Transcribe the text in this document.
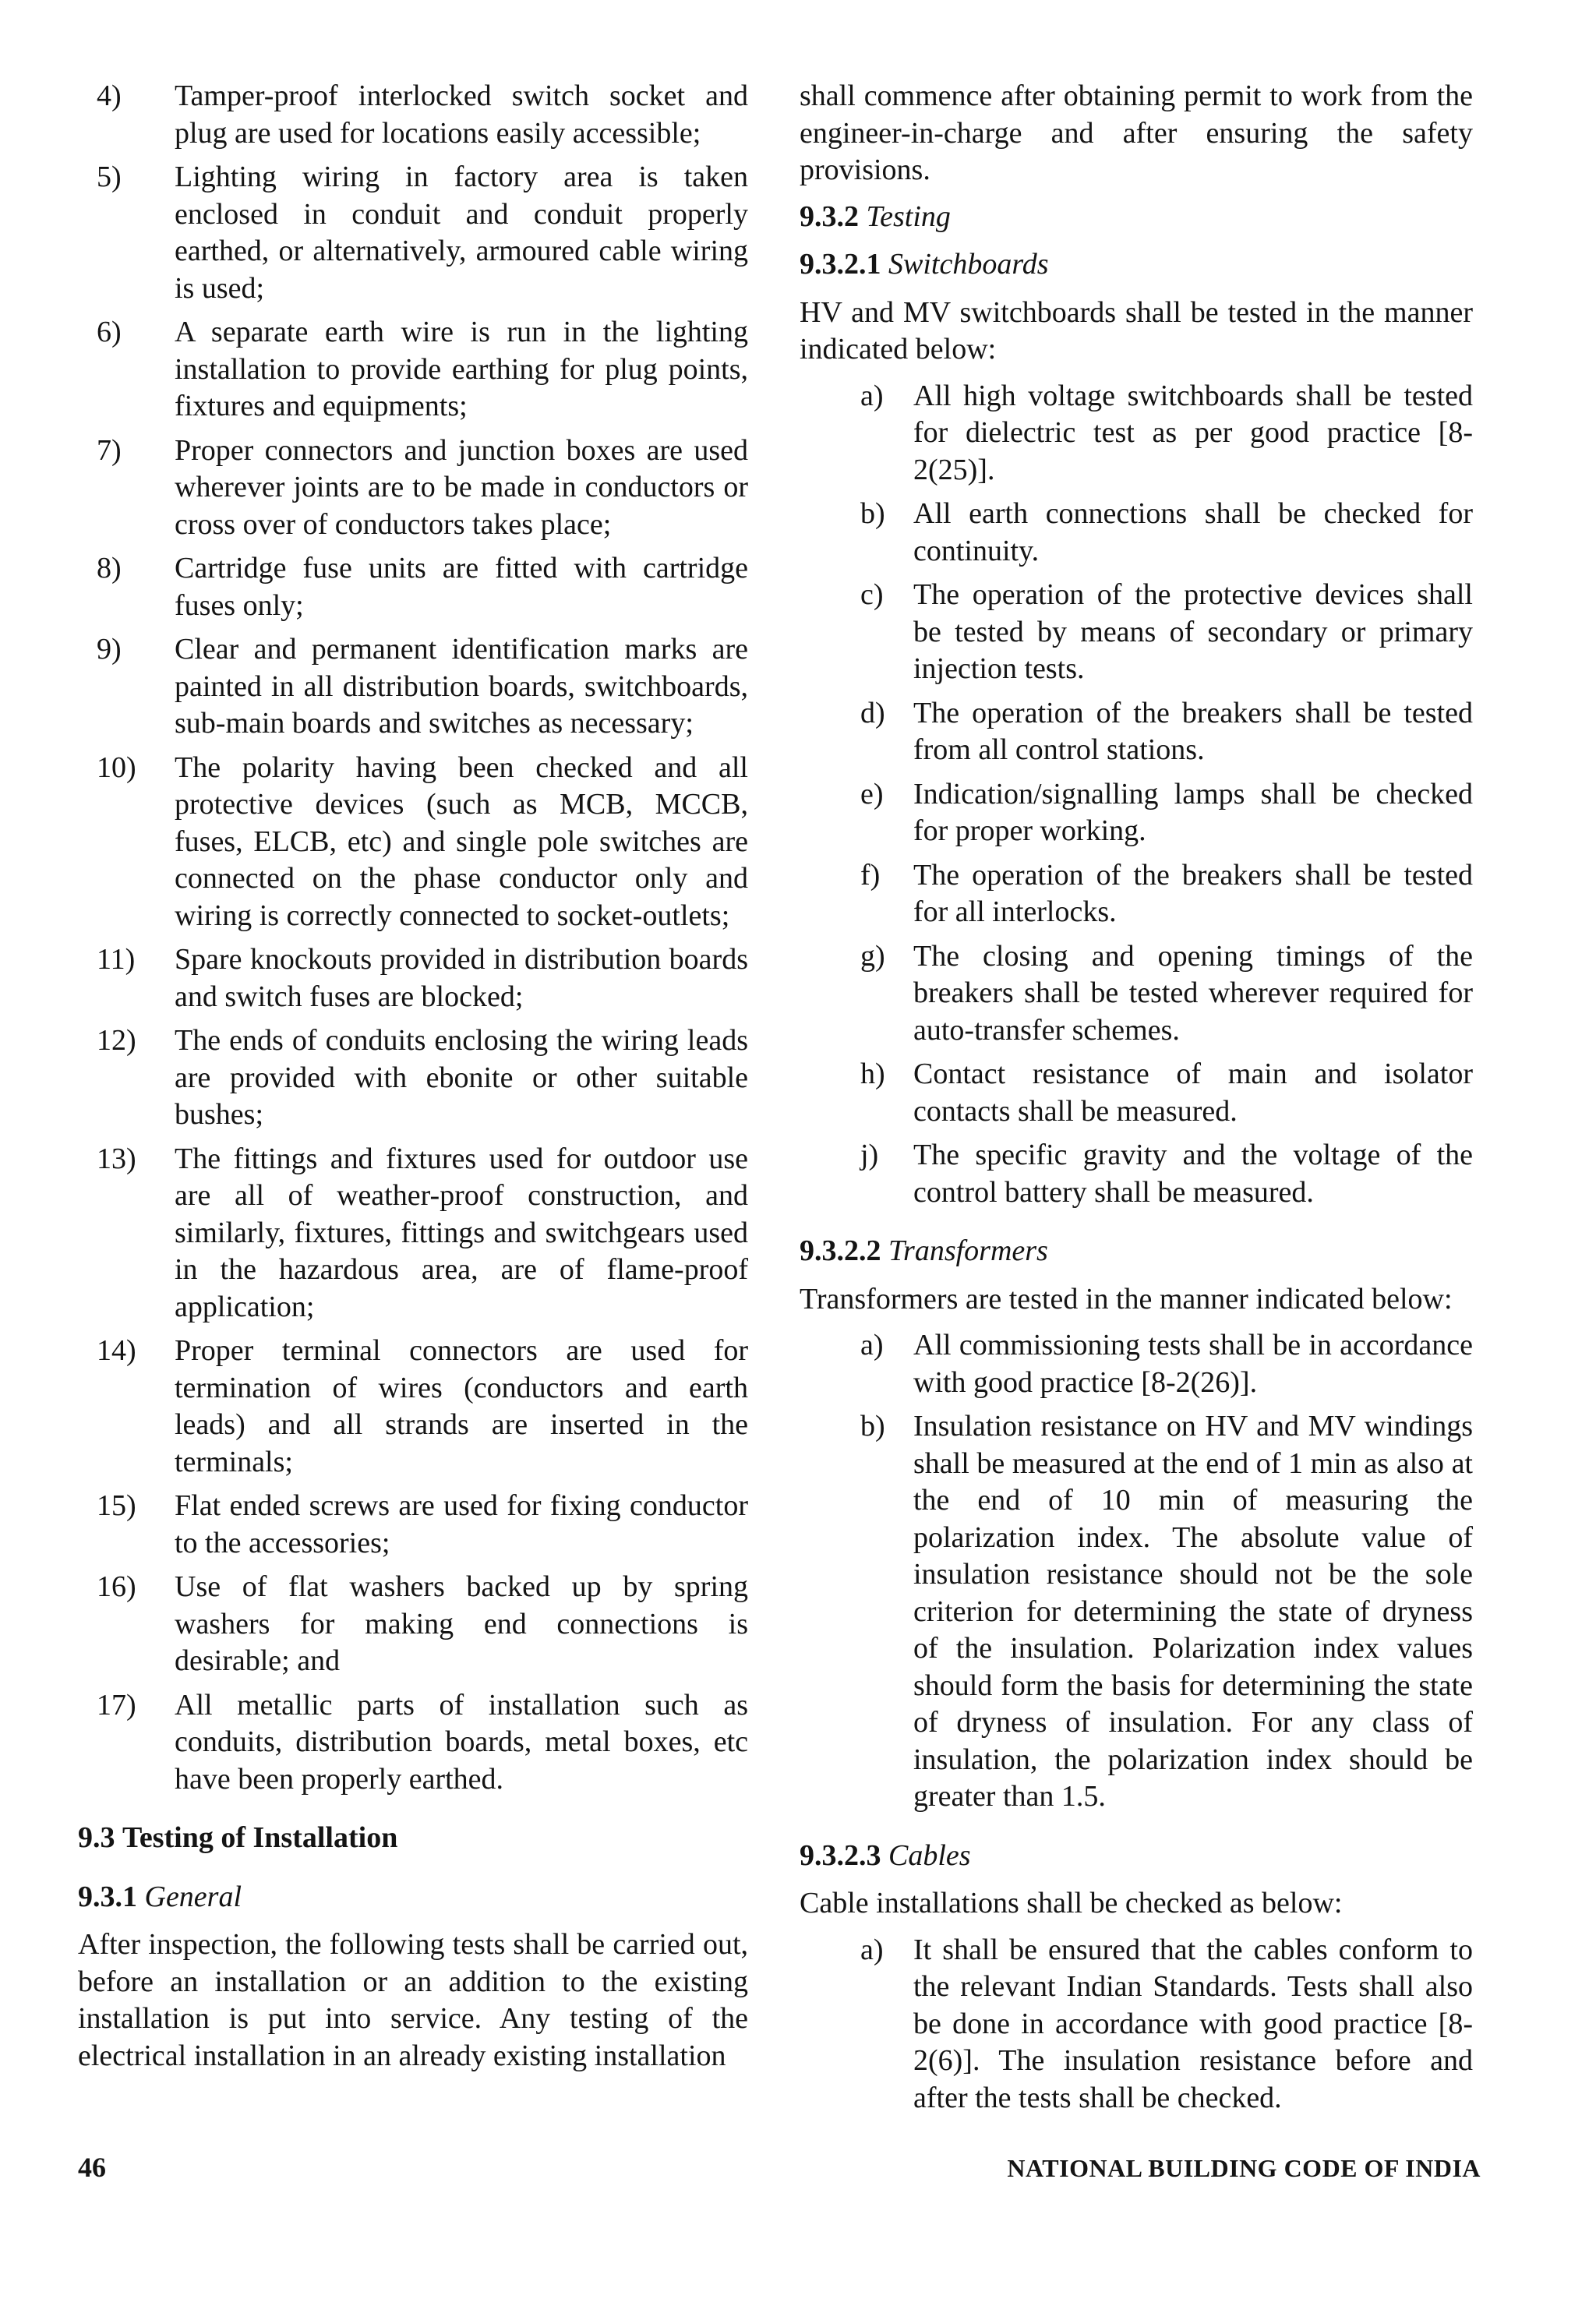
4)	Tamper-proof interlocked switch socket and plug are used for locations easily accessible;
5)	Lighting wiring in factory area is taken enclosed in conduit and conduit properly earthed, or alternatively, armoured cable wiring is used;
6)	A separate earth wire is run in the lighting installation to provide earthing for plug points, fixtures and equipments;
7)	Proper connectors and junction boxes are used wherever joints are to be made in conductors or cross over of conductors takes place;
8)	Cartridge fuse units are fitted with cartridge fuses only;
9)	Clear and permanent identification marks are painted in all distribution boards, switchboards, sub-main boards and switches as necessary;
10)	The polarity having been checked and all protective devices (such as MCB, MCCB, fuses, ELCB, etc) and single pole switches are connected on the phase conductor only and wiring is correctly connected to socket-outlets;
11)	Spare knockouts provided in distribution boards and switch fuses are blocked;
12)	The ends of conduits enclosing the wiring leads are provided with ebonite or other suitable bushes;
13)	The fittings and fixtures used for outdoor use are all of weather-proof construction, and similarly, fixtures, fittings and switchgears used in the hazardous area, are of flame-proof application;
14)	Proper terminal connectors are used for termination of wires (conductors and earth leads) and all strands are inserted in the terminals;
15)	Flat ended screws are used for fixing conductor to the accessories;
16)	Use of flat washers backed up by spring washers for making end connections is desirable; and
17)	All metallic parts of installation such as conduits, distribution boards, metal boxes, etc have been properly earthed.
9.3 Testing of Installation
9.3.1 General

After inspection, the following tests shall be carried out, before an installation or an addition to the existing installation is put into service. Any testing of the electrical installation in an already existing installation

shall commence after obtaining permit to work from the engineer-in-charge and after ensuring the safety provisions.

9.3.2 Testing
9.3.2.1 Switchboards

HV and MV switchboards shall be tested in the manner indicated below:

a)	All high voltage switchboards shall be tested for dielectric test as per good practice [8-2(25)].
b) All earth connections shall be checked for continuity.
c)	The operation of the protective devices shall be tested by means of secondary or primary injection tests.
d) The operation of the breakers shall be tested from all control stations.
e)	Indication/signalling lamps shall be checked for proper working.
f)	The operation of the breakers shall be tested for all interlocks.
g) The closing and opening timings of the breakers shall be tested wherever required for auto-transfer schemes.
h) Contact resistance of main and isolator contacts shall be measured.
j)	The specific gravity and the voltage of the control battery shall be measured.
9.3.2.2 Transformers

Transformers are tested in the manner indicated below:

a)	All commissioning tests shall be in accordance with good practice [8-2(26)].
b) Insulation resistance on HV and MV windings shall be measured at the end of 1 min as also at the end of 10 min of measuring the polarization index. The absolute value of insulation resistance should not be the sole criterion for determining the state of dryness of the insulation. Polarization index values should form the basis for determining the state of dryness of insulation. For any class of insulation, the polarization index should be greater than 1.5.
9.3.2.3 Cables

Cable installations shall be checked as below:

a)	It shall be ensured that the cables conform to the relevant Indian Standards. Tests shall also be done in accordance with good practice [8-2(6)]. The insulation resistance before and after the tests shall be checked.
46	NATIONAL BUILDING CODE OF INDIA
